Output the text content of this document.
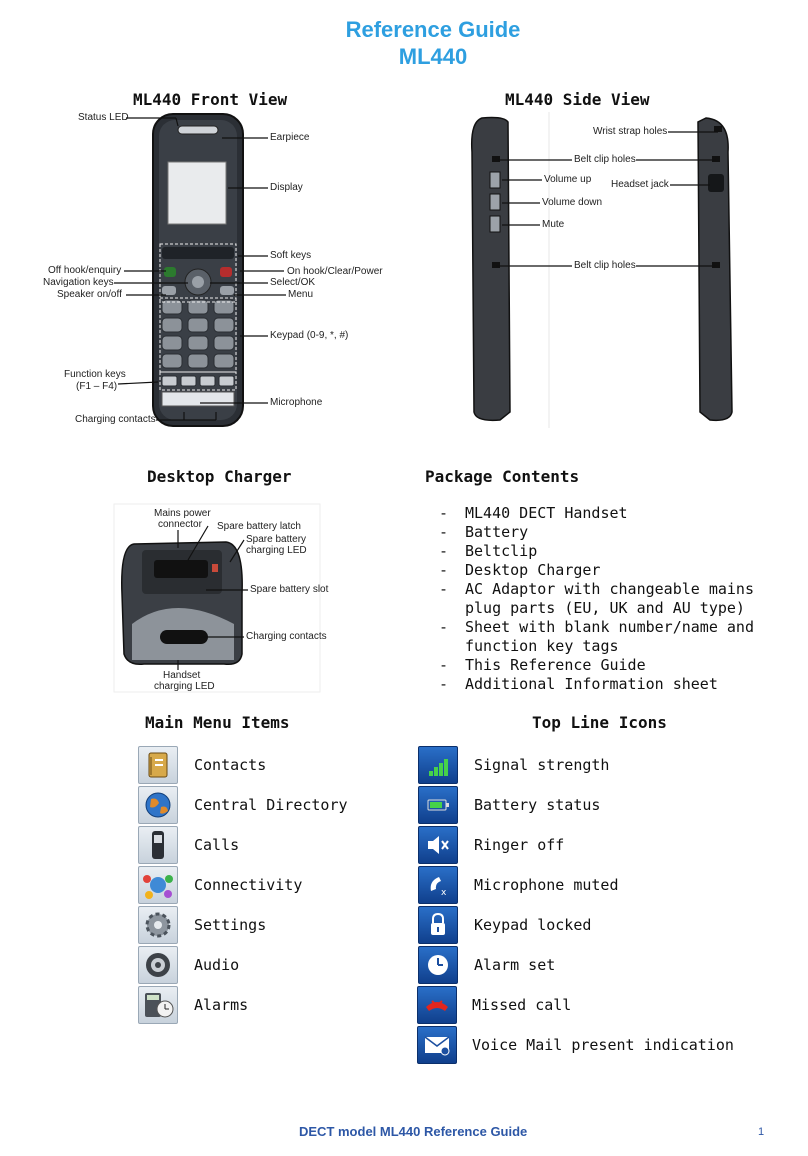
Reference Guide
ML440
ML440 Front View	ML440 Side View
Status LED
Earpiece
Display
Soft keys
Off hook/enquiry	On hook/Clear/Power
Navigation keys	Select/OK
Speaker on/off	Menu
Keypad (0-9, *, #)
Function keys
(F1 – F4)
Microphone
Charging contacts
Wrist strap holes
Belt clip holes
Volume up Headset jack
Volume down
Mute
Belt clip holes
Desktop Charger
Mains power
connector Spare battery latch
Spare battery
charging LED
Spare battery slot
Charging contacts
Handset
charging LED
Package Contents
-	ML440 DECT Handset
-	Battery
-	Beltclip
-	Desktop Charger
-	AC Adaptor with changeable mains plug parts (EU, UK and AU type)
-	Sheet with blank number/name and function key tags
-	This Reference Guide
-	Additional Information sheet
Main Menu Items
Contacts
Central Directory
Calls
Connectivity
Settings
Audio
Alarms
Top Line Icons
Signal strength
Battery status
Ringer off
x Microphone muted
Keypad locked
Alarm set
Missed call
Voice Mail present indication
DECT model ML440 Reference Guide	1
